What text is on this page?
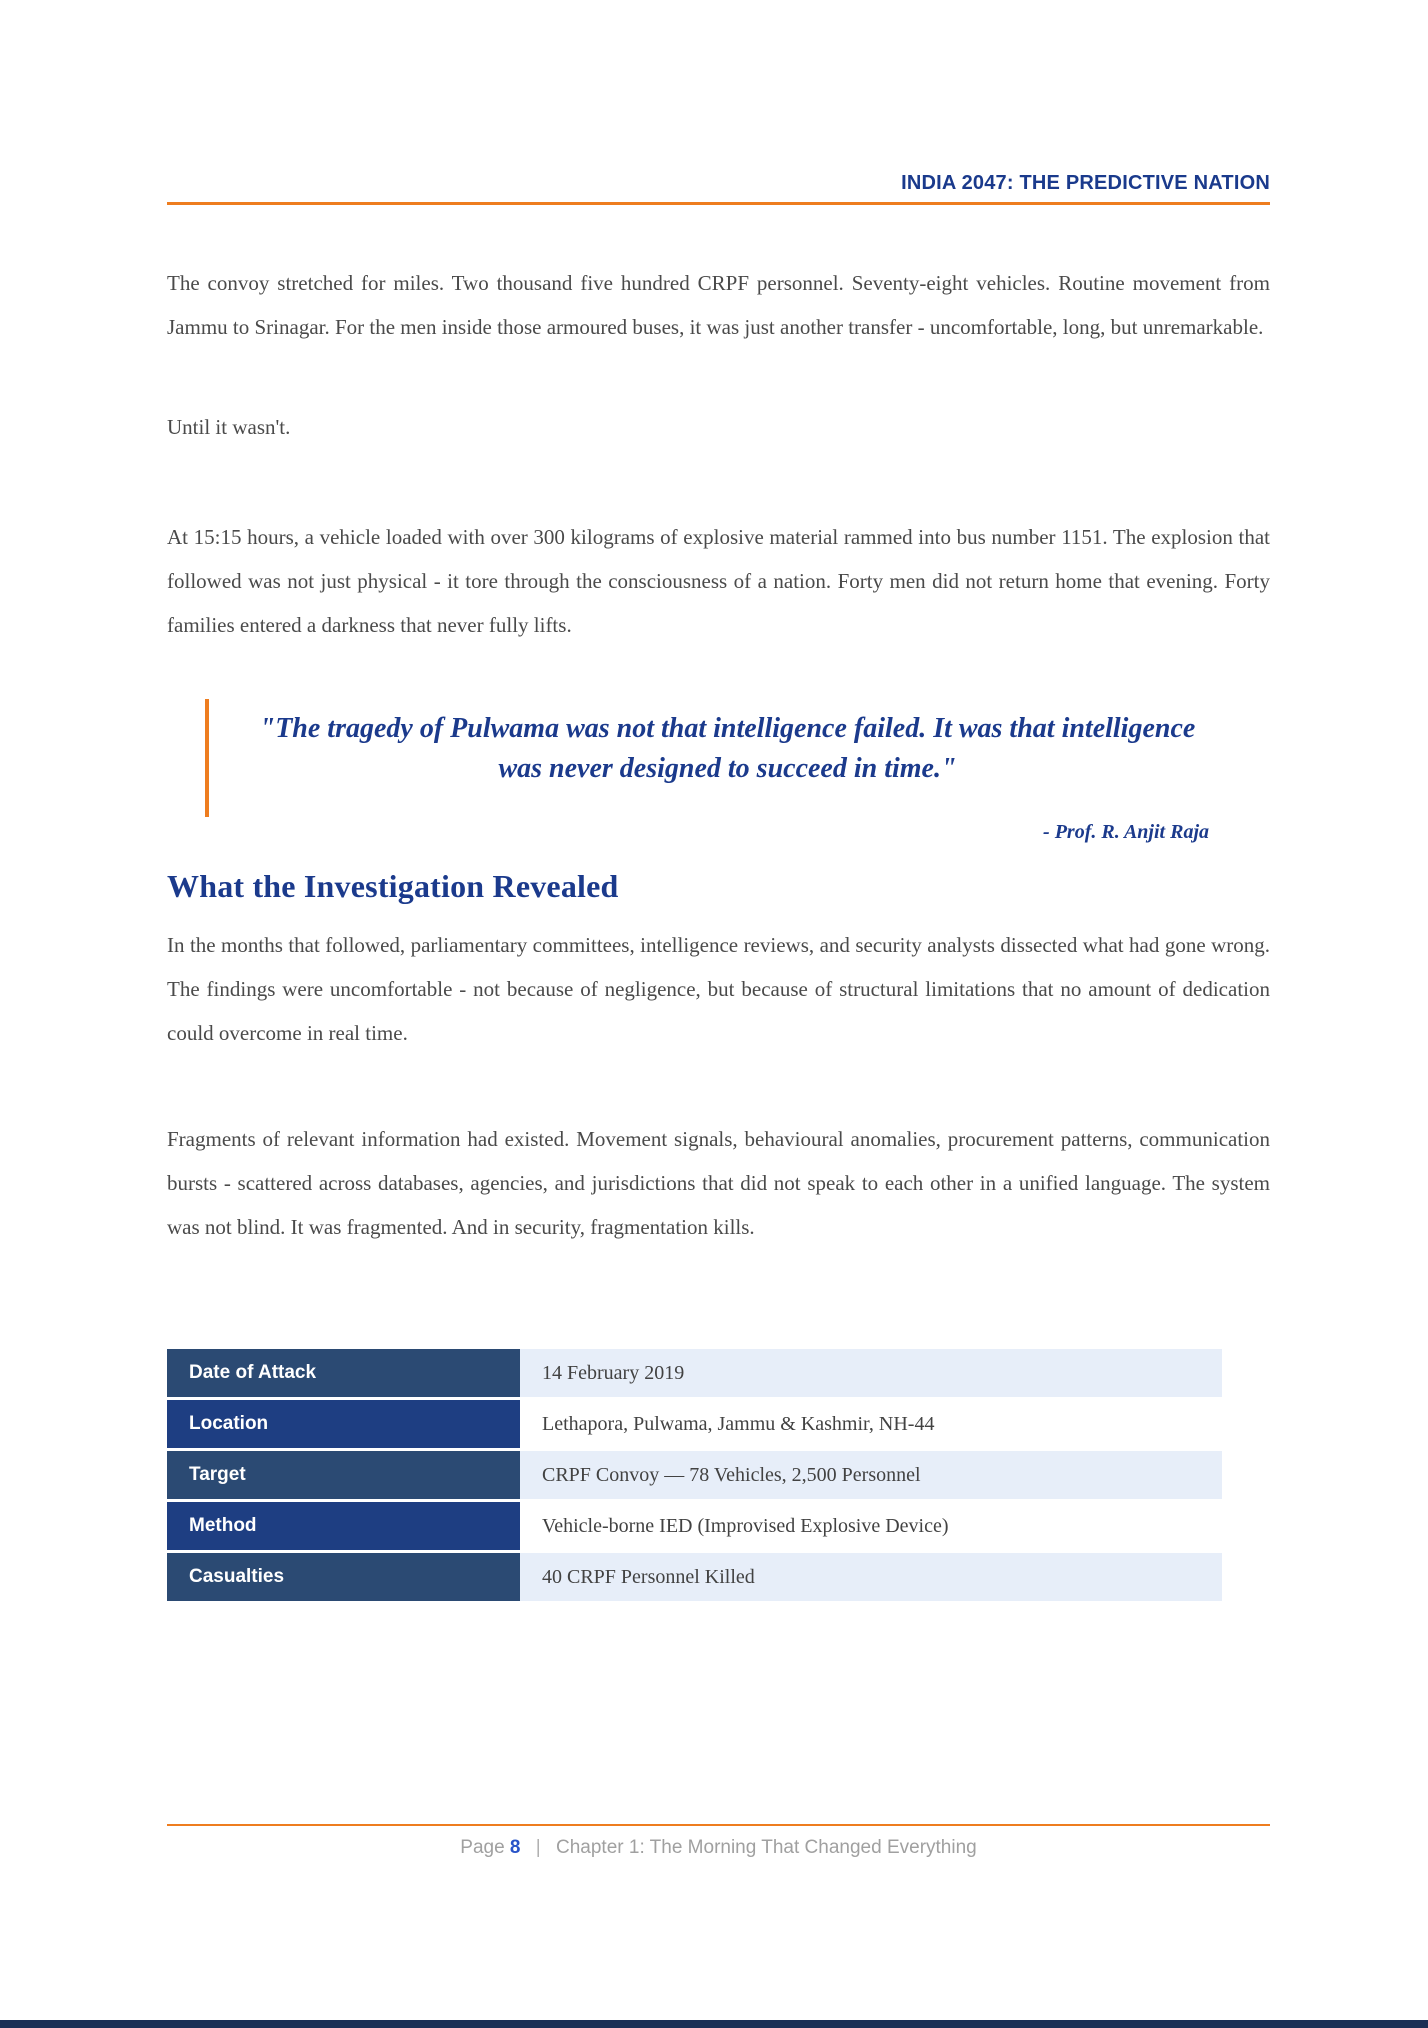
INDIA 2047: THE PREDICTIVE NATION

The convoy stretched for miles. Two thousand five hundred CRPF personnel. Seventy-eight vehicles. Routine movement from Jammu to Srinagar. For the men inside those armoured buses, it was just another transfer - uncomfortable, long, but unremarkable.

Until it wasn't.

At 15:15 hours, a vehicle loaded with over 300 kilograms of explosive material rammed into bus number 1151. The explosion that followed was not just physical - it tore through the consciousness of a nation. Forty men did not return home that evening. Forty families entered a darkness that never fully lifts.

"The tragedy of Pulwama was not that intelligence failed. It was that intelligence was never designed to succeed in time."
- Prof. R. Anjit Raja
What the Investigation Revealed

In the months that followed, parliamentary committees, intelligence reviews, and security analysts dissected what had gone wrong. The findings were uncomfortable - not because of negligence, but because of structural limitations that no amount of dedication could overcome in real time.

Fragments of relevant information had existed. Movement signals, behavioural anomalies, procurement patterns, communication bursts - scattered across databases, agencies, and jurisdictions that did not speak to each other in a unified language. The system was not blind. It was fragmented. And in security, fragmentation kills.

Date of Attack	14 February 2019
Location	Lethapora, Pulwama, Jammu & Kashmir, NH-44
Target	CRPF Convoy — 78 Vehicles, 2,500 Personnel
Method	Vehicle-borne IED (Improvised Explosive Device)
Casualties	40 CRPF Personnel Killed
Page 8 | Chapter 1: The Morning That Changed Everything
